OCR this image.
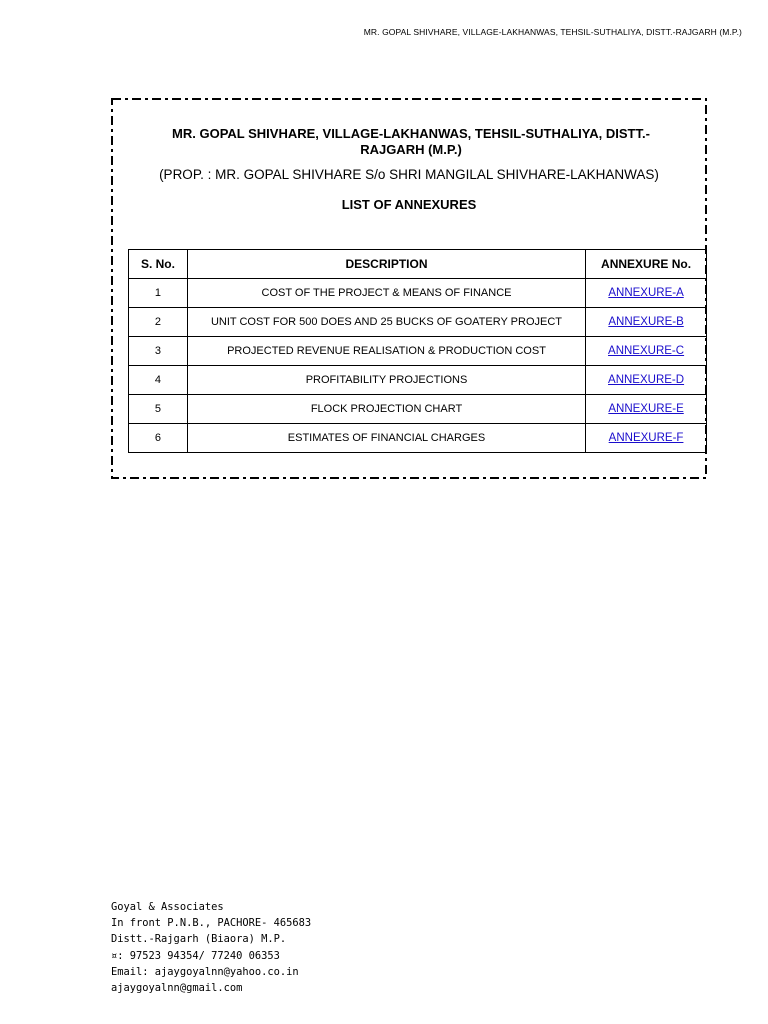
MR. GOPAL SHIVHARE, VILLAGE-LAKHANWAS, TEHSIL-SUTHALIYA, DISTT.-RAJGARH (M.P.)
MR. GOPAL SHIVHARE, VILLAGE-LAKHANWAS, TEHSIL-SUTHALIYA, DISTT.-RAJGARH (M.P.)
(PROP. : MR. GOPAL SHIVHARE S/o SHRI MANGILAL SHIVHARE-LAKHANWAS)
LIST OF ANNEXURES
S. No.	DESCRIPTION	ANNEXURE No.
1	COST OF THE PROJECT & MEANS OF FINANCE	ANNEXURE-A
2	UNIT COST FOR 500 DOES AND 25 BUCKS OF GOATERY PROJECT	ANNEXURE-B
3	PROJECTED REVENUE REALISATION & PRODUCTION COST	ANNEXURE-C
4	PROFITABILITY PROJECTIONS	ANNEXURE-D
5	FLOCK PROJECTION CHART	ANNEXURE-E
6	ESTIMATES OF FINANCIAL CHARGES	ANNEXURE-F
Goyal & Associates
In front P.N.B., PACHORE- 465683
Distt.-Rajgarh (Biaora) M.P.
¤: 97523 94354/ 77240 06353
Email: ajaygoyalnn@yahoo.co.in
ajaygoyalnn@gmail.com
